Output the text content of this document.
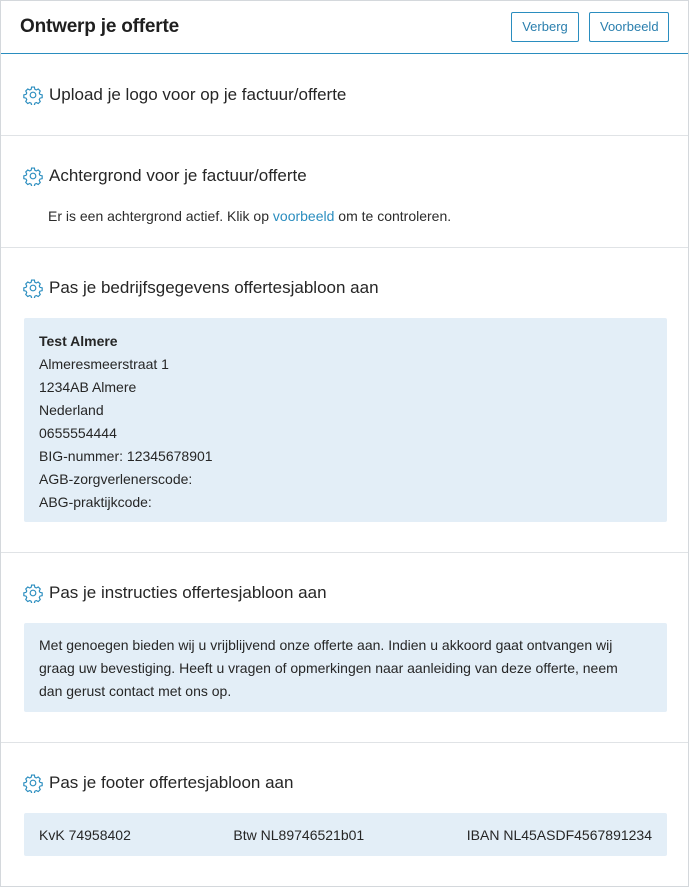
Ontwerp je offerte	Verberg	Voorbeeld
Upload je logo voor op je factuur/offerte
Achtergrond voor je factuur/offerte
Er is een achtergrond actief. Klik op voorbeeld om te controleren.
Pas je bedrijfsgegevens offertesjabloon aan
Test Almere
Almeresmeerstraat 1
1234AB Almere
Nederland
0655554444
BIG-nummer: 12345678901
AGB-zorgverlenerscode:
ABG-praktijkcode:
Pas je instructies offertesjabloon aan
Met genoegen bieden wij u vrijblijvend onze offerte aan. Indien u akkoord gaat ontvangen wij
graag uw bevestiging. Heeft u vragen of opmerkingen naar aanleiding van deze offerte, neem
dan gerust contact met ons op.
Pas je footer offertesjabloon aan
KvK 74958402	Btw NL89746521b01	IBAN NL45ASDF4567891234
